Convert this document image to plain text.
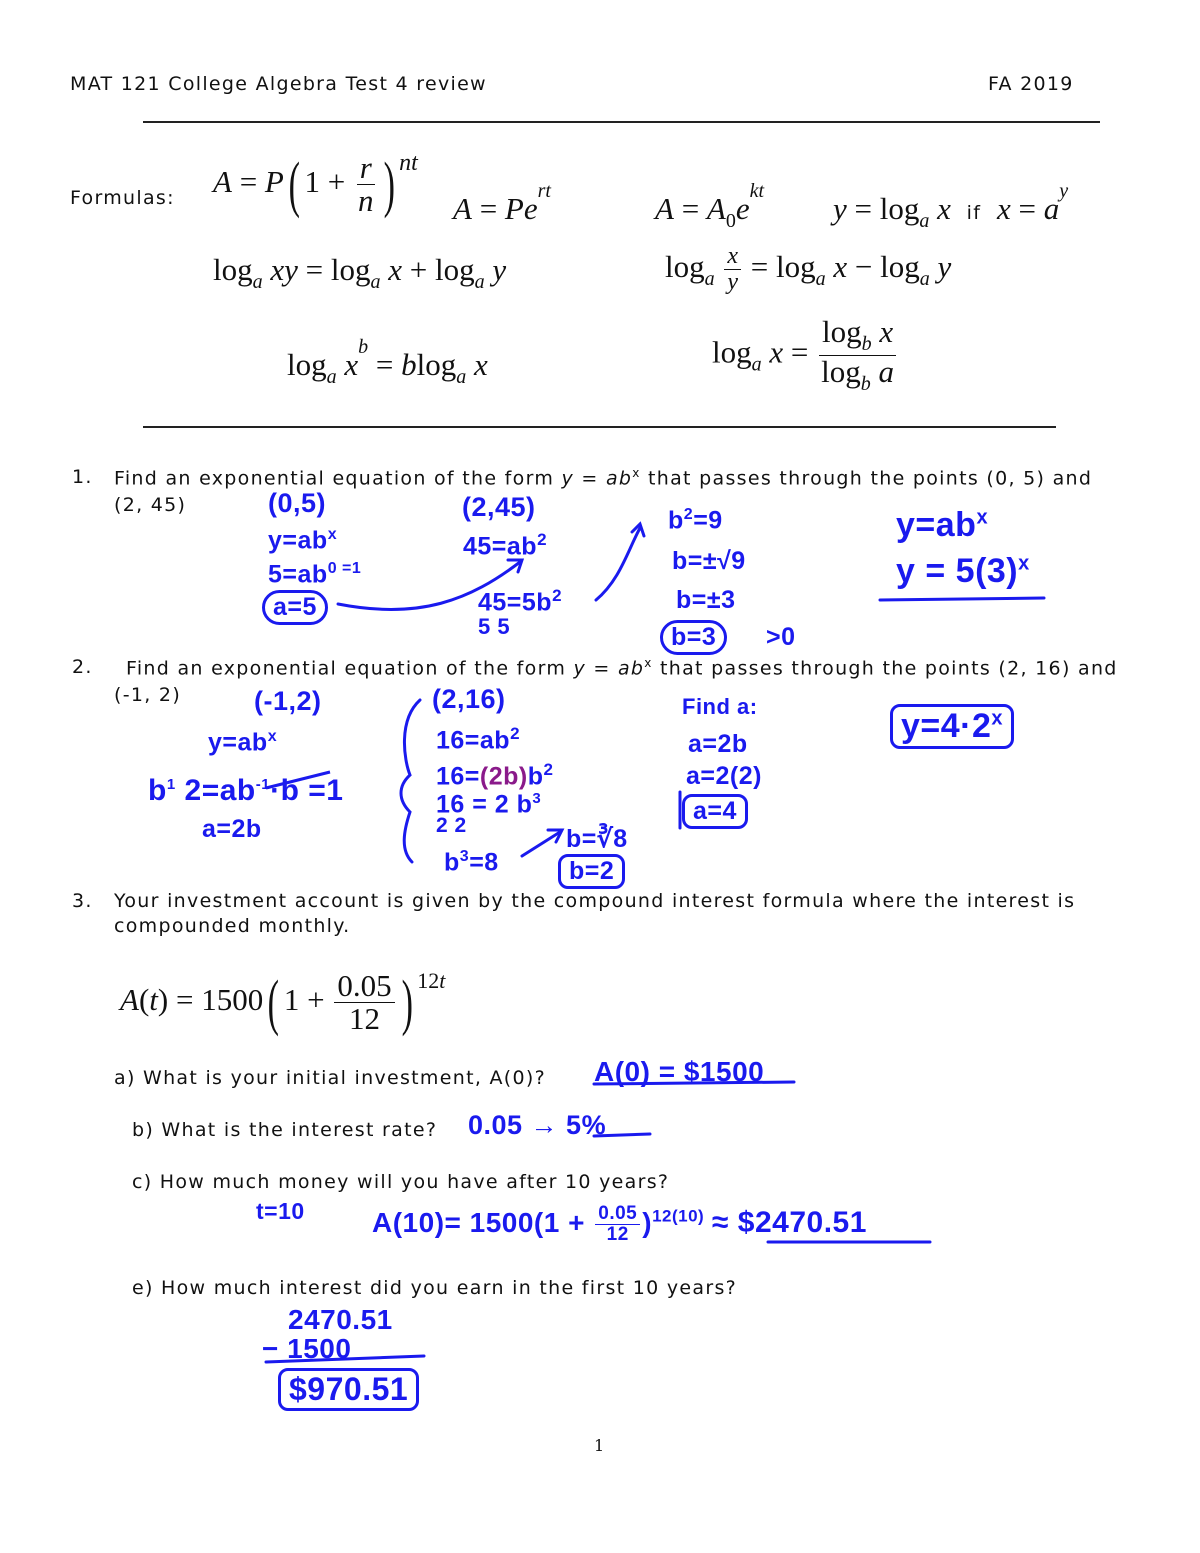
MAT 121 College Algebra Test 4 review	FA 2019
Formulas: A = P( $1 + \frac{r}{n}$ ) $^{nt}$
$A = Pe^{rt}$	$A = A_0e^{kt}$ $y = \log_a x$ if $x = a^y$
$\log_a$ xy = $\log_a x + \log_a y$	$\log_a \frac{x}{y} = \log_a x - \log_a y$
$\log_a x^b = blog_a$ x	$\log_a x = \frac{\log_b x}{\log_b a}$
1. Find an exponential equation of the form $y = ab^x$ that passes through the points (0, 5) and
(2, 45)	(0,5)
$y=ab^x$
$5=ab^{0 =1}$
a=5
(2,45)
$45=ab^2$
$45=5b^2$
5 5
$b^2=9$
b=±√9
b=±3
b=3	>0
$y=ab^x$
$y = 5(3)^x$
2. Find an exponential equation of the form $y = ab^x$ that passes through the points (2, 16) and
(-1, 2)	(-1,2)
$y=ab^x$
$b^1$ $2=ab^{-1}\cdot b =1$
a=2b
(2,16)
$16=ab^2$
$16=(2b)b^2$
16 = 2 $b^3$
2 2
$b^3=8$
b=∛8
b=2
Find a:
a=2b
a=2(2)
a=4
$y=4\cdot 2^x$
3. Your investment account is given by the compound interest formula where the interest is
compounded monthly.
A(t) = 1500( $1 + \frac{0.05}{12}$ ) $^{12t}$
a) What is your initial investment, A(0)? A(0) = $1500
b) What is the interest rate? 0.05 → 5%
c) How much money will you have after 10 years?
t=10 $A(10)= 1500(1 + \frac{0.05}{12} )^{12(10)}$ ≈ $2470.51
e) How much interest did you earn in the first 10 years?
2470.51
− 1500
$970.51
1
